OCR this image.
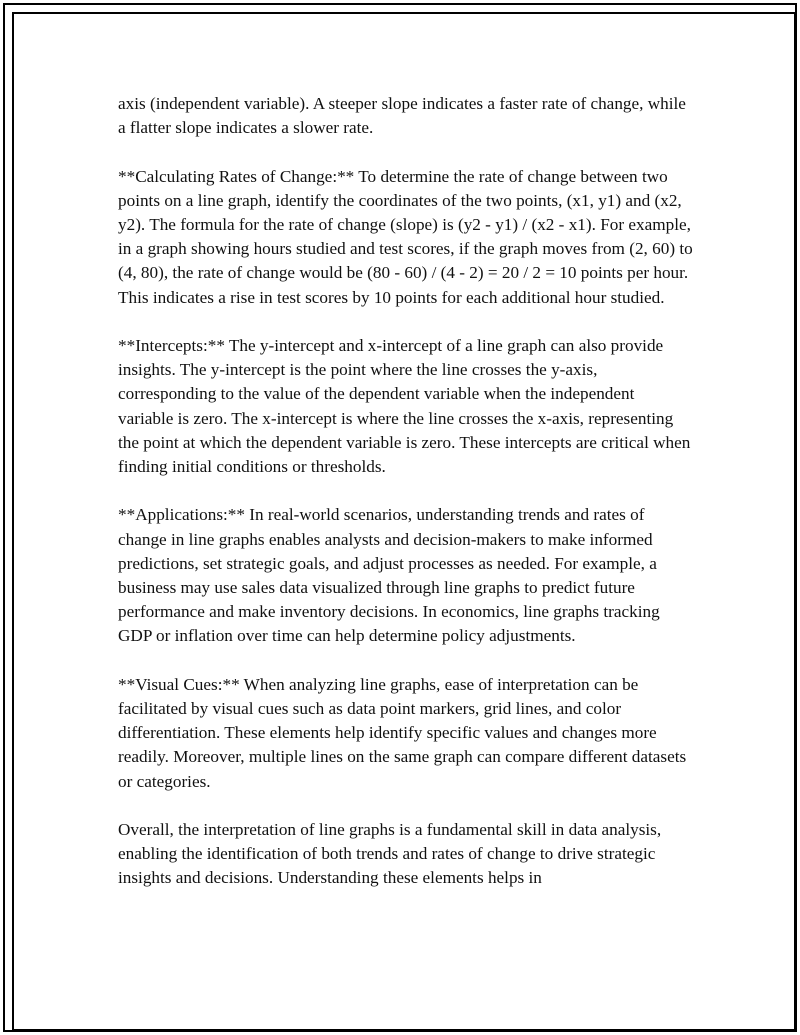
axis (independent variable). A steeper slope indicates a faster rate of change, while a flatter slope indicates a slower rate.

**Calculating Rates of Change:** To determine the rate of change between two points on a line graph, identify the coordinates of the two points, (x1, y1) and (x2, y2). The formula for the rate of change (slope) is (y2 - y1) / (x2 - x1). For example, in a graph showing hours studied and test scores, if the graph moves from (2, 60) to (4, 80), the rate of change would be (80 - 60) / (4 - 2) = 20 / 2 = 10 points per hour. This indicates a rise in test scores by 10 points for each additional hour studied.

**Intercepts:** The y-intercept and x-intercept of a line graph can also provide insights. The y-intercept is the point where the line crosses the y-axis, corresponding to the value of the dependent variable when the independent variable is zero. The x-intercept is where the line crosses the x-axis, representing the point at which the dependent variable is zero. These intercepts are critical when finding initial conditions or thresholds.

**Applications:** In real-world scenarios, understanding trends and rates of change in line graphs enables analysts and decision-makers to make informed predictions, set strategic goals, and adjust processes as needed. For example, a business may use sales data visualized through line graphs to predict future performance and make inventory decisions. In economics, line graphs tracking GDP or inflation over time can help determine policy adjustments.

**Visual Cues:** When analyzing line graphs, ease of interpretation can be facilitated by visual cues such as data point markers, grid lines, and color differentiation. These elements help identify specific values and changes more readily. Moreover, multiple lines on the same graph can compare different datasets or categories.

Overall, the interpretation of line graphs is a fundamental skill in data analysis, enabling the identification of both trends and rates of change to drive strategic insights and decisions. Understanding these elements helps in
